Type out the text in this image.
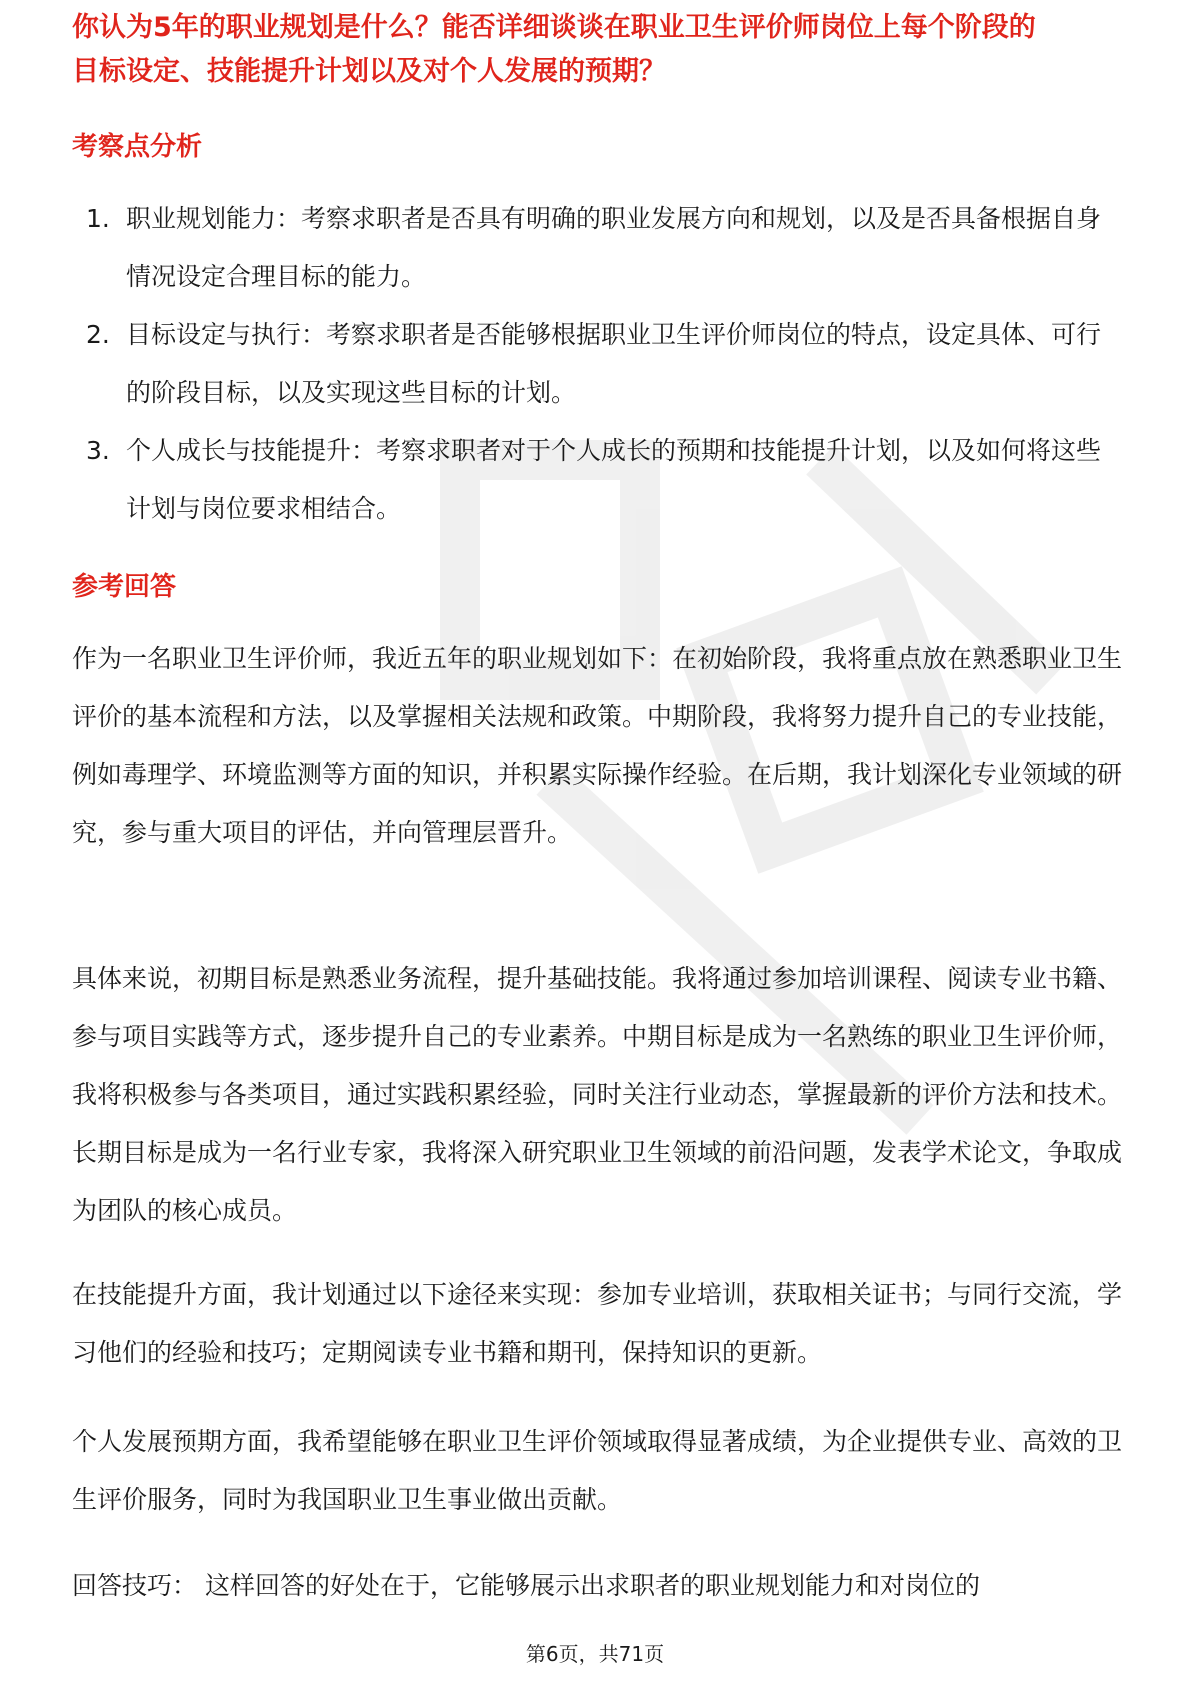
你认为5年的职业规划是什么？能否详细谈谈在职业卫生评价师岗位上每个阶段的
目标设定、技能提升计划以及对个人发展的预期？
考察点分析
1. 职业规划能力：考察求职者是否具有明确的职业发展方向和规划，以及是否具备根据自身情况设定合理目标的能力。
2. 目标设定与执行：考察求职者是否能够根据职业卫生评价师岗位的特点，设定具体、可行的阶段目标，以及实现这些目标的计划。
3. 个人成长与技能提升：考察求职者对于个人成长的预期和技能提升计划，以及如何将这些计划与岗位要求相结合。
参考回答

作为一名职业卫生评价师，我近五年的职业规划如下：在初始阶段，我将重点放在熟悉职业卫生评价的基本流程和方法，以及掌握相关法规和政策。中期阶段，我将努力提升自己的专业技能，例如毒理学、环境监测等方面的知识，并积累实际操作经验。在后期，我计划深化专业领域的研究，参与重大项目的评估，并向管理层晋升。

具体来说，初期目标是熟悉业务流程，提升基础技能。我将通过参加培训课程、阅读专业书籍、参与项目实践等方式，逐步提升自己的专业素养。中期目标是成为一名熟练的职业卫生评价师，我将积极参与各类项目，通过实践积累经验，同时关注行业动态，掌握最新的评价方法和技术。长期目标是成为一名行业专家，我将深入研究职业卫生领域的前沿问题，发表学术论文，争取成为团队的核心成员。

在技能提升方面，我计划通过以下途径来实现：参加专业培训，获取相关证书；与同行交流，学习他们的经验和技巧；定期阅读专业书籍和期刊，保持知识的更新。

个人发展预期方面，我希望能够在职业卫生评价领域取得显著成绩，为企业提供专业、高效的卫生评价服务，同时为我国职业卫生事业做出贡献。

回答技巧： 这样回答的好处在于，它能够展示出求职者的职业规划能力和对岗位的

第6页，共71页
